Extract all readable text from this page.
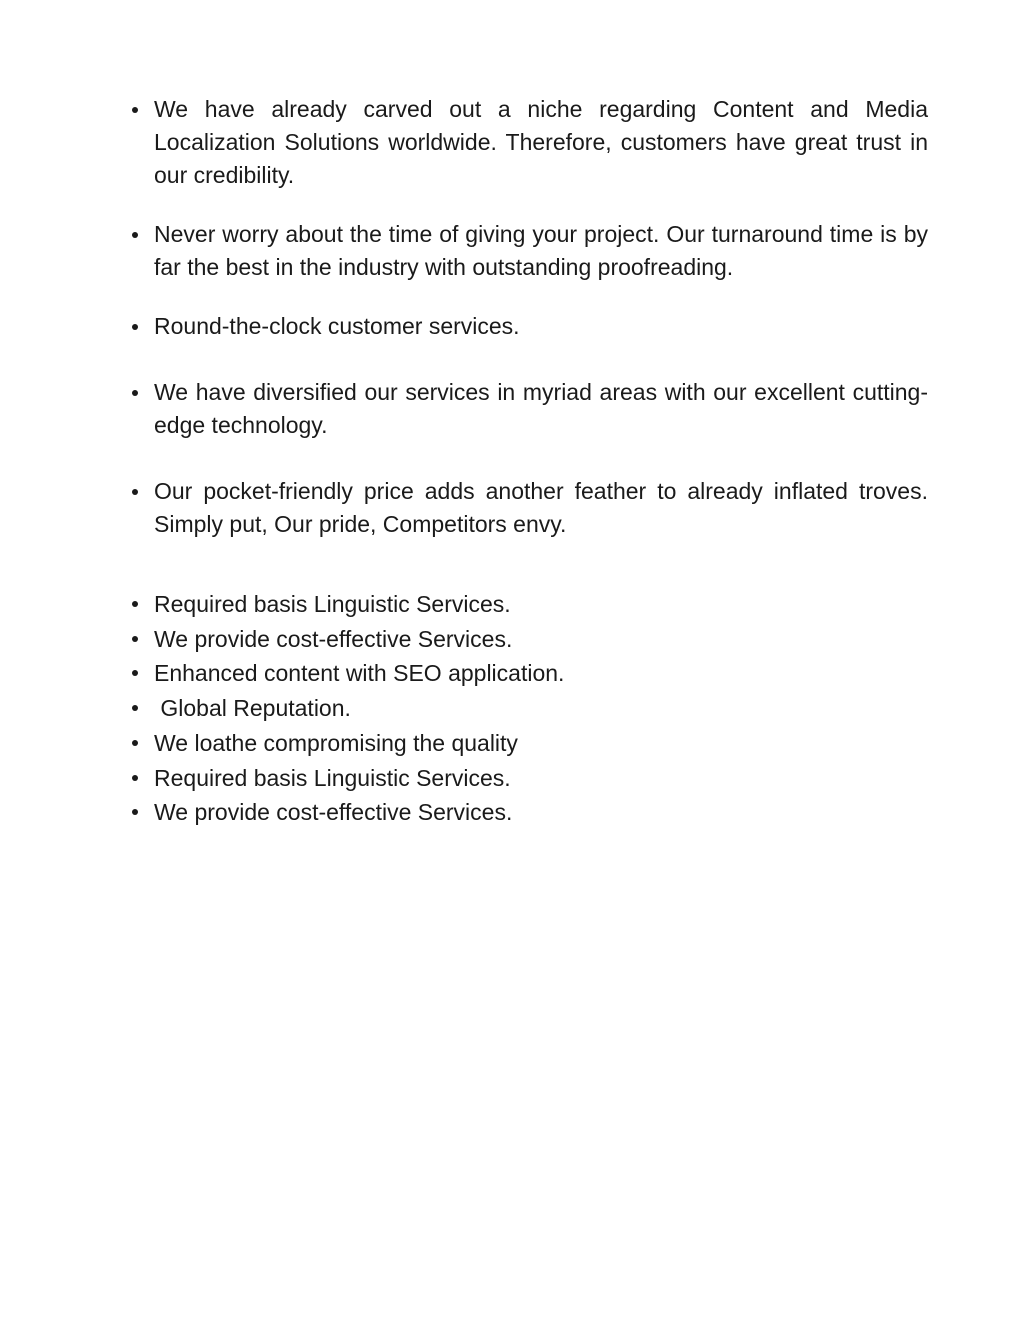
We have already carved out a niche regarding Content and Media Localization Solutions worldwide. Therefore, customers have great trust in our credibility.
Never worry about the time of giving your project. Our turnaround time is by far the best in the industry with outstanding proofreading.
Round-the-clock customer services.
We have diversified our services in myriad areas with our excellent cutting-edge technology.
Our pocket-friendly price adds another feather to already inflated troves. Simply put, Our pride, Competitors envy.
Required basis Linguistic Services.
We provide cost-effective Services.
Enhanced content with SEO application.
Global Reputation.
We loathe compromising the quality
Required basis Linguistic Services.
We provide cost-effective Services.
